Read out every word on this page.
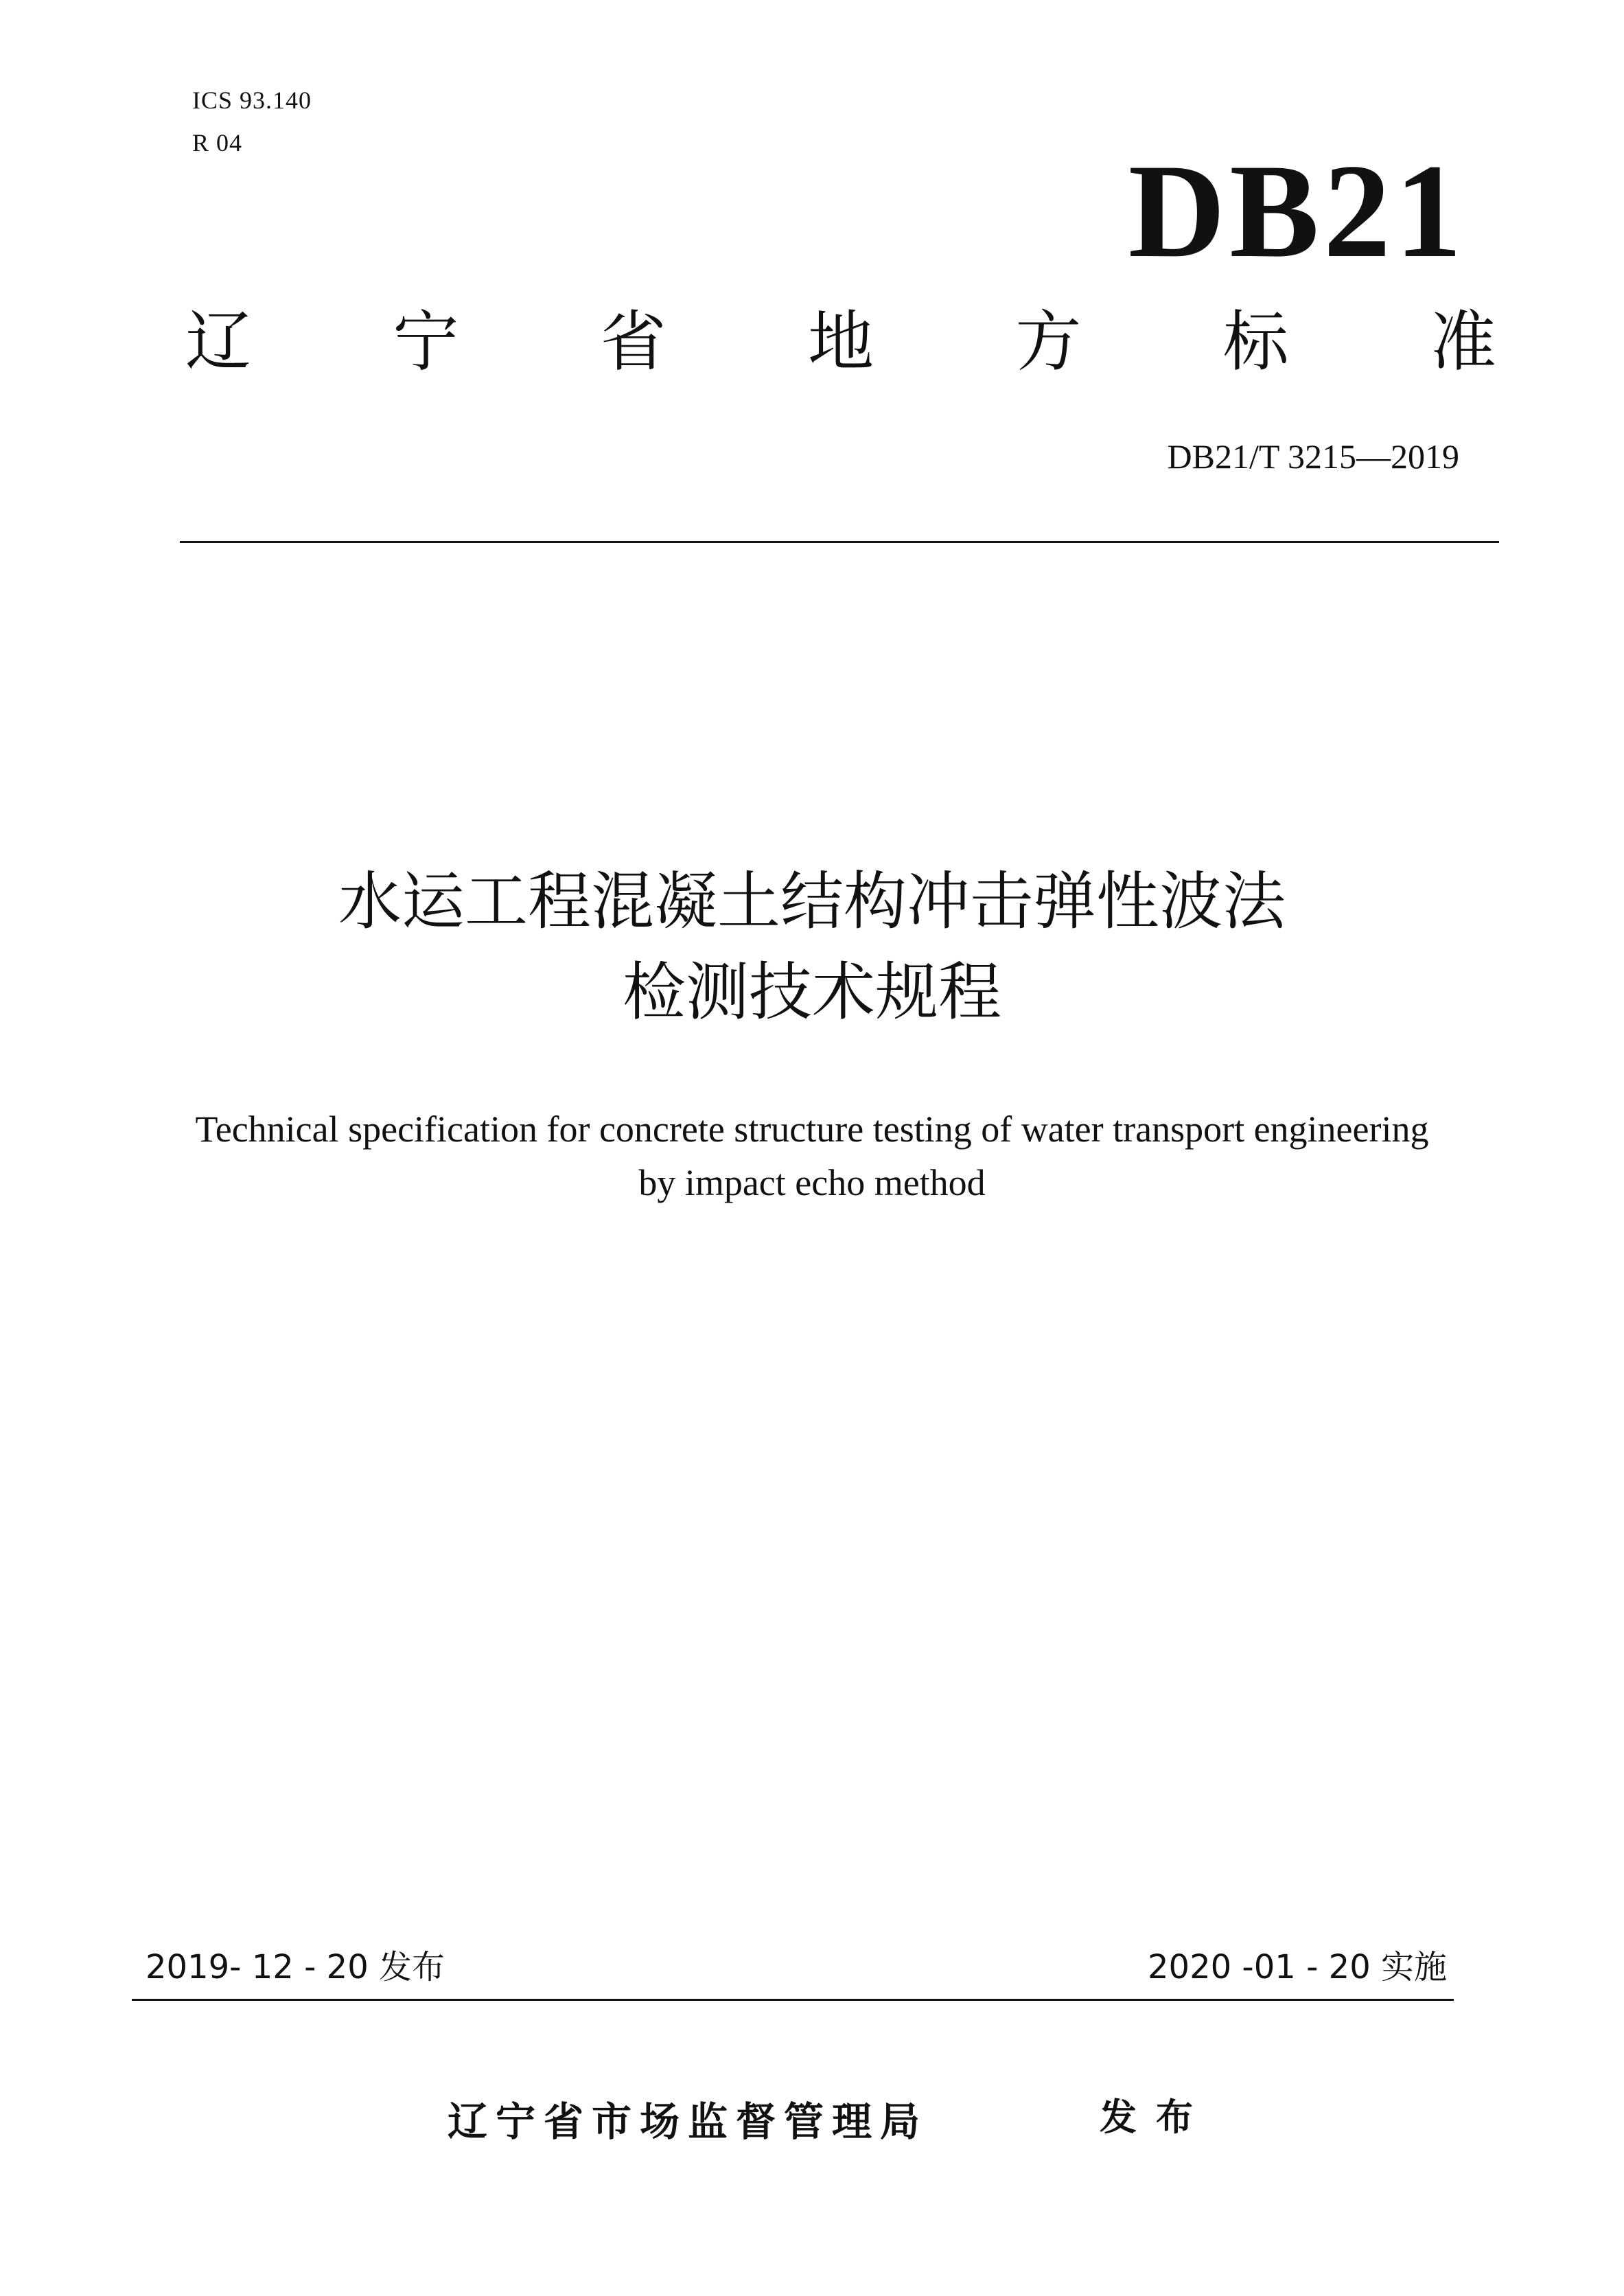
ICS 93.140
R 04	DB21
辽 宁 省 地 方 标 准
DB21/T 3215—2019
水运工程混凝土结构冲击弹性波法
检测技术规程
Technical specification for concrete structure testing of water transport engineering
by impact echo method
2019- 12 - 20 发布	2020 -01 - 20 实施
辽宁省市场监督管理局	发布
